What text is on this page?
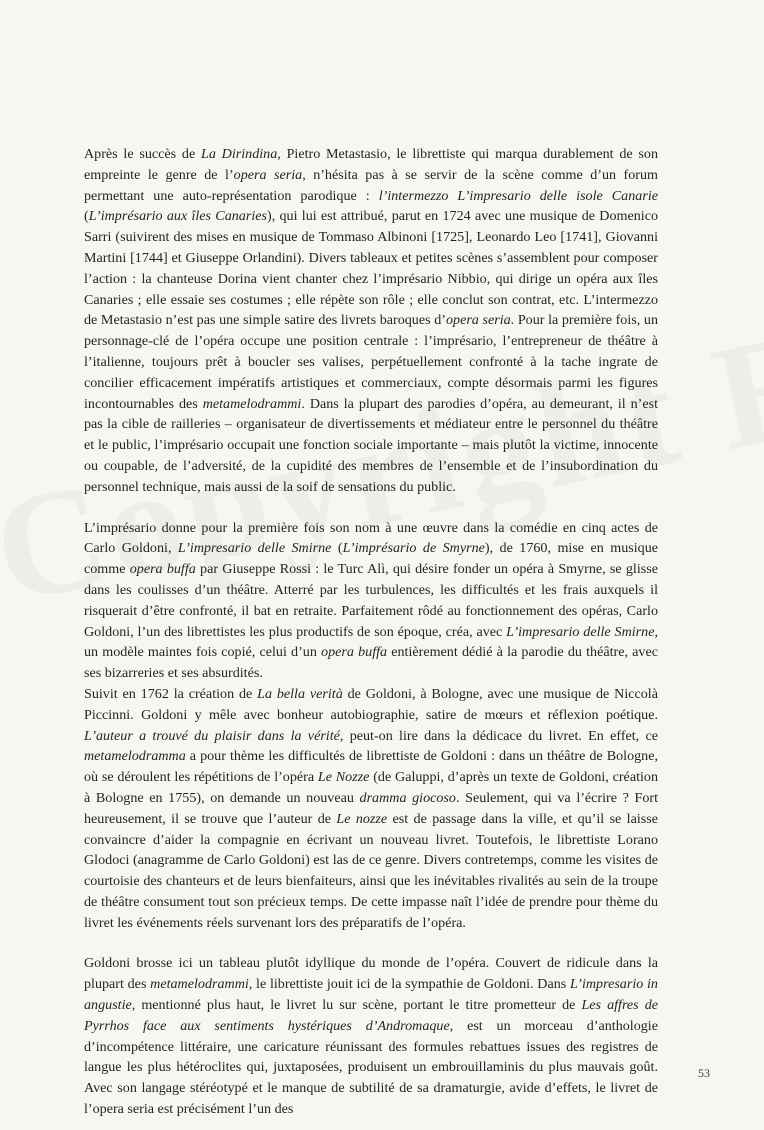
Après le succès de La Dirindina, Pietro Metastasio, le librettiste qui marqua durablement de son empreinte le genre de l’opera seria, n’hésita pas à se servir de la scène comme d’un forum permettant une auto-représentation parodique : l’intermezzo L’impresario delle isole Canarie (L’imprésario aux îles Canaries), qui lui est attribué, parut en 1724 avec une musique de Domenico Sarri (suivirent des mises en musique de Tommaso Albinoni [1725], Leonardo Leo [1741], Giovanni Martini [1744] et Giuseppe Orlandini). Divers tableaux et petites scènes s’assemblent pour composer l’action : la chanteuse Dorina vient chanter chez l’imprésario Nibbio, qui dirige un opéra aux îles Canaries ; elle essaie ses costumes ; elle répète son rôle ; elle conclut son contrat, etc. L’intermezzo de Metastasio n’est pas une simple satire des livrets baroques d’opera seria. Pour la première fois, un personnage-clé de l’opéra occupe une position centrale : l’imprésario, l’entrepreneur de théâtre à l’italienne, toujours prêt à boucler ses valises, perpétuellement confronté à la tache ingrate de concilier efficacement impératifs artistiques et commerciaux, compte désormais parmi les figures incontournables des metamelodrammi. Dans la plupart des parodies d’opéra, au demeurant, il n’est pas la cible de railleries – organisateur de divertissements et médiateur entre le personnel du théâtre et le public, l’imprésario occupait une fonction sociale importante – mais plutôt la victime, innocente ou coupable, de l’adversité, de la cupidité des membres de l’ensemble et de l’insubordination du personnel technique, mais aussi de la soif de sensations du public.

L’imprésario donne pour la première fois son nom à une œuvre dans la comédie en cinq actes de Carlo Goldoni, L’impresario delle Smirne (L’imprésario de Smyrne), de 1760, mise en musique comme opera buffa par Giuseppe Rossi : le Turc Alì, qui désire fonder un opéra à Smyrne, se glisse dans les coulisses d’un théâtre. Atterré par les turbulences, les difficultés et les frais auxquels il risquerait d’être confronté, il bat en retraite. Parfaitement rôdé au fonctionnement des opéras, Carlo Goldoni, l’un des librettistes les plus productifs de son époque, créa, avec L’impresario delle Smirne, un modèle maintes fois copié, celui d’un opera buffa entièrement dédié à la parodie du théâtre, avec ses bizarreries et ses absurdités.

Suivit en 1762 la création de La bella verità de Goldoni, à Bologne, avec une musique de Niccolà Piccinni. Goldoni y mêle avec bonheur autobiographie, satire de mœurs et réflexion poétique. L’auteur a trouvé du plaisir dans la vérité, peut-on lire dans la dédicace du livret. En effet, ce metamelodramma a pour thème les difficultés de librettiste de Goldoni : dans un théâtre de Bologne, où se déroulent les répétitions de l’opéra Le Nozze (de Galuppi, d’après un texte de Goldoni, création à Bologne en 1755), on demande un nouveau dramma giocoso. Seulement, qui va l’écrire ? Fort heureusement, il se trouve que l’auteur de Le nozze est de passage dans la ville, et qu’il se laisse convaincre d’aider la compagnie en écrivant un nouveau livret. Toutefois, le librettiste Lorano Glodoci (anagramme de Carlo Goldoni) est las de ce genre. Divers contretemps, comme les visites de courtoisie des chanteurs et de leurs bienfaiteurs, ainsi que les inévitables rivalités au sein de la troupe de théâtre consument tout son précieux temps. De cette impasse naît l’idée de prendre pour thème du livret les événements réels survenant lors des préparatifs de l’opéra.

Goldoni brosse ici un tableau plutôt idyllique du monde de l’opéra. Couvert de ridicule dans la plupart des metamelodrammi, le librettiste jouit ici de la sympathie de Goldoni. Dans L’impresario in angustie, mentionné plus haut, le livret lu sur scène, portant le titre prometteur de Les affres de Pyrrhos face aux sentiments hystériques d’Andromaque, est un morceau d’anthologie d’incompétence littéraire, une caricature réunissant des formules rebattues issues des registres de langue les plus hétéroclites qui, juxtaposées, produisent un embrouillaminis du plus mauvais goût. Avec son langage stéréotypé et le manque de subtilité de sa dramaturgie, avide d’effets, le livret de l’opera seria est précisément l’un des

53
